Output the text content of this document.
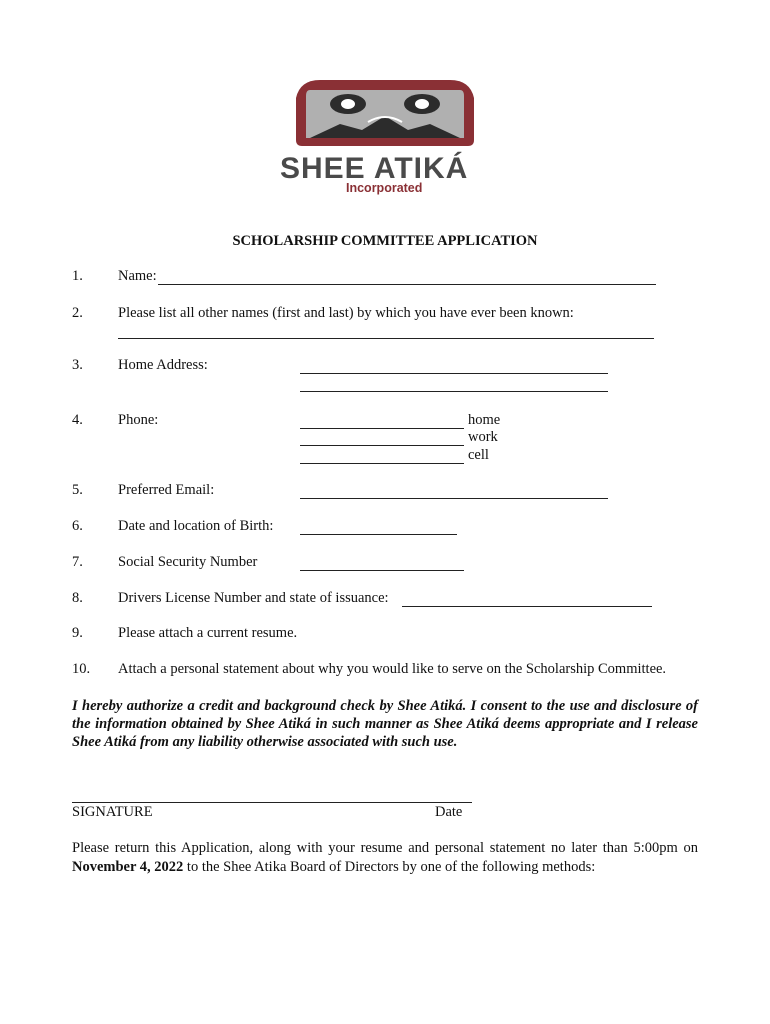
SHEE ATIKÁ
Incorporated
SCHOLARSHIP COMMITTEE APPLICATION
1. Name:
2. Please list all other names (first and last) by which you have ever been known:
3. Home Address:
4. Phone:	home
work
cell
5. Preferred Email:
6. Date and location of Birth:
7. Social Security Number
8. Drivers License Number and state of issuance:
9. Please attach a current resume.
10. Attach a personal statement about why you would like to serve on the Scholarship Committee.
I hereby authorize a credit and background check by Shee Atiká. I consent to the use and disclosure of the information obtained by Shee Atiká in such manner as Shee Atiká deems appropriate and I release Shee Atiká from any liability otherwise associated with such use.
SIGNATURE	Date
Please return this Application, along with your resume and personal statement no later than 5:00pm on November 4, 2022 to the Shee Atika Board of Directors by one of the following methods:
